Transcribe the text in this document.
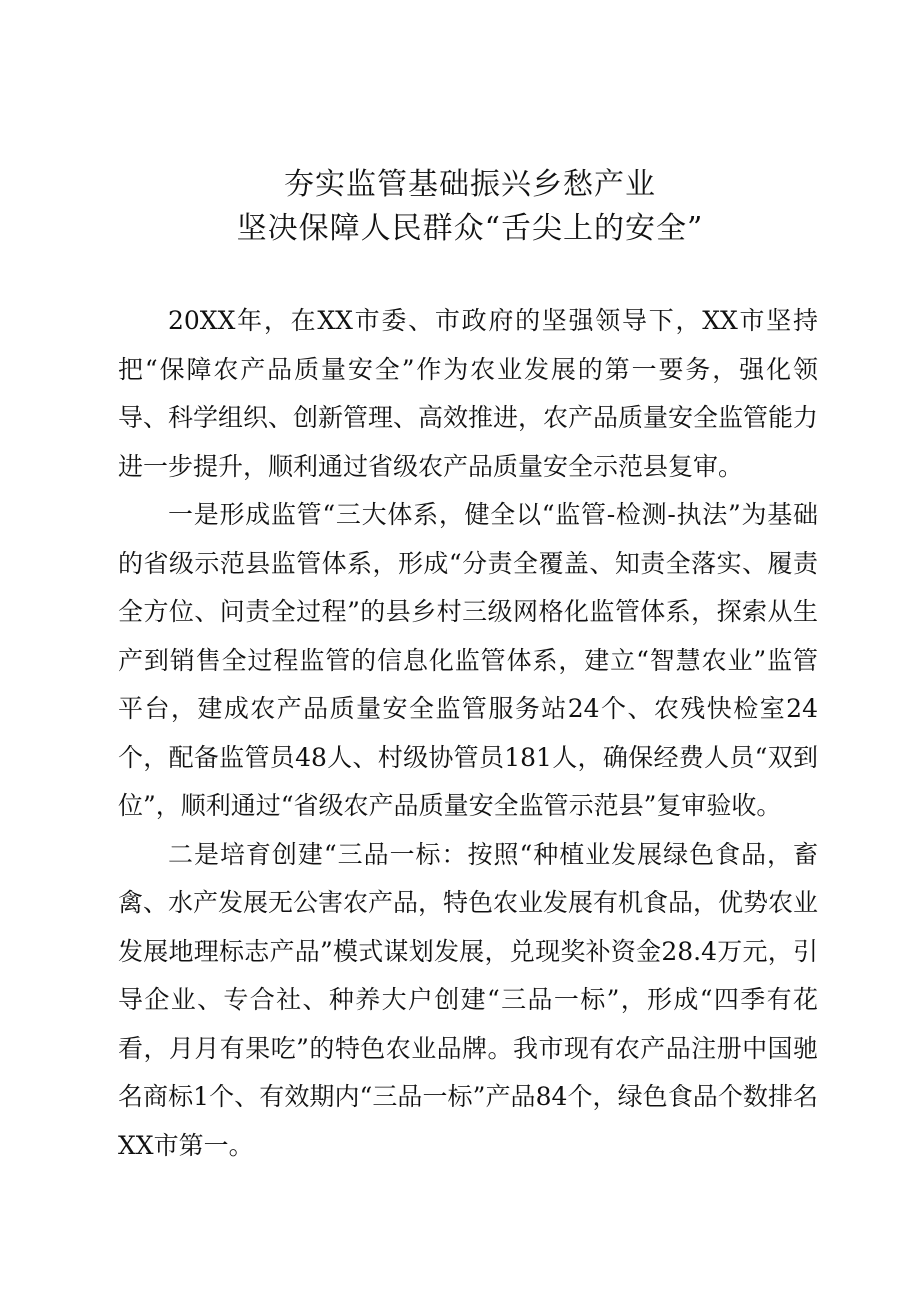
夯实监管基础振兴乡愁产业
坚决保障人民群众“舌尖上的安全”

20XX年，在XX市委、市政府的坚强领导下，XX市坚持把“保障农产品质量安全”作为农业发展的第一要务，强化领导、科学组织、创新管理、高效推进，农产品质量安全监管能力进一步提升，顺利通过省级农产品质量安全示范县复审。

一是形成监管“三大体系，健全以“监管-检测-执法”为基础的省级示范县监管体系，形成“分责全覆盖、知责全落实、履责全方位、问责全过程”的县乡村三级网格化监管体系，探索从生产到销售全过程监管的信息化监管体系，建立“智慧农业”监管平台，建成农产品质量安全监管服务站24个、农残快检室24个，配备监管员48人、村级协管员181人，确保经费人员“双到位”，顺利通过“省级农产品质量安全监管示范县”复审验收。

二是培育创建“三品一标：按照“种植业发展绿色食品，畜禽、水产发展无公害农产品，特色农业发展有机食品，优势农业发展地理标志产品”模式谋划发展，兑现奖补资金28.4万元，引导企业、专合社、种养大户创建“三品一标”，形成“四季有花看，月月有果吃”的特色农业品牌。我市现有农产品注册中国驰名商标1个、有效期内“三品一标”产品84个，绿色食品个数排名XX市第一。
